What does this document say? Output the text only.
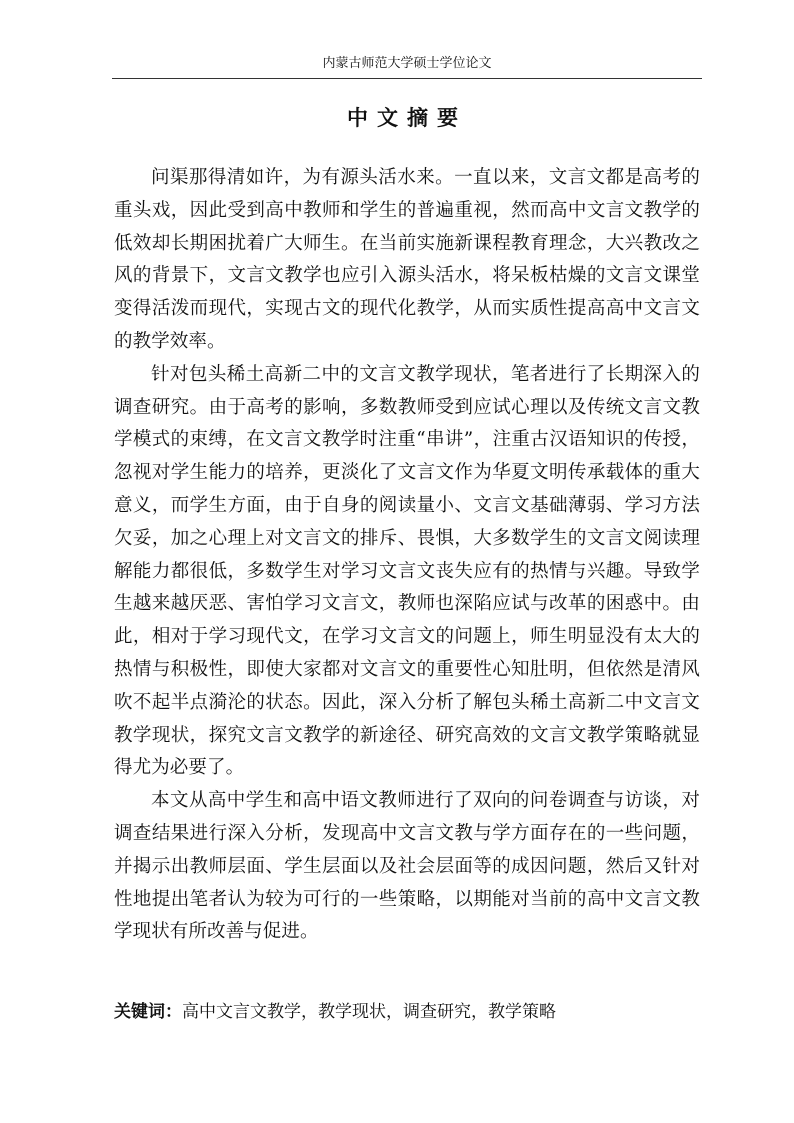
内蒙古师范大学硕士学位论文
中文摘要

问渠那得清如许，为有源头活水来。一直以来，文言文都是高考的重头戏，因此受到高中教师和学生的普遍重视，然而高中文言文教学的低效却长期困扰着广大师生。在当前实施新课程教育理念，大兴教改之风的背景下，文言文教学也应引入源头活水，将呆板枯燥的文言文课堂变得活泼而现代，实现古文的现代化教学，从而实质性提高高中文言文的教学效率。

针对包头稀土高新二中的文言文教学现状，笔者进行了长期深入的调查研究。由于高考的影响，多数教师受到应试心理以及传统文言文教学模式的束缚，在文言文教学时注重“串讲”，注重古汉语知识的传授，忽视对学生能力的培养，更淡化了文言文作为华夏文明传承载体的重大意义，而学生方面，由于自身的阅读量小、文言文基础薄弱、学习方法欠妥，加之心理上对文言文的排斥、畏惧，大多数学生的文言文阅读理解能力都很低，多数学生对学习文言文丧失应有的热情与兴趣。导致学生越来越厌恶、害怕学习文言文，教师也深陷应试与改革的困惑中。由此，相对于学习现代文，在学习文言文的问题上，师生明显没有太大的热情与积极性，即使大家都对文言文的重要性心知肚明，但依然是清风吹不起半点漪沦的状态。因此，深入分析了解包头稀土高新二中文言文教学现状，探究文言文教学的新途径、研究高效的文言文教学策略就显得尤为必要了。

本文从高中学生和高中语文教师进行了双向的问卷调查与访谈，对调查结果进行深入分析，发现高中文言文教与学方面存在的一些问题，并揭示出教师层面、学生层面以及社会层面等的成因问题，然后又针对性地提出笔者认为较为可行的一些策略，以期能对当前的高中文言文教学现状有所改善与促进。

关键词：高中文言文教学，教学现状，调查研究，教学策略
